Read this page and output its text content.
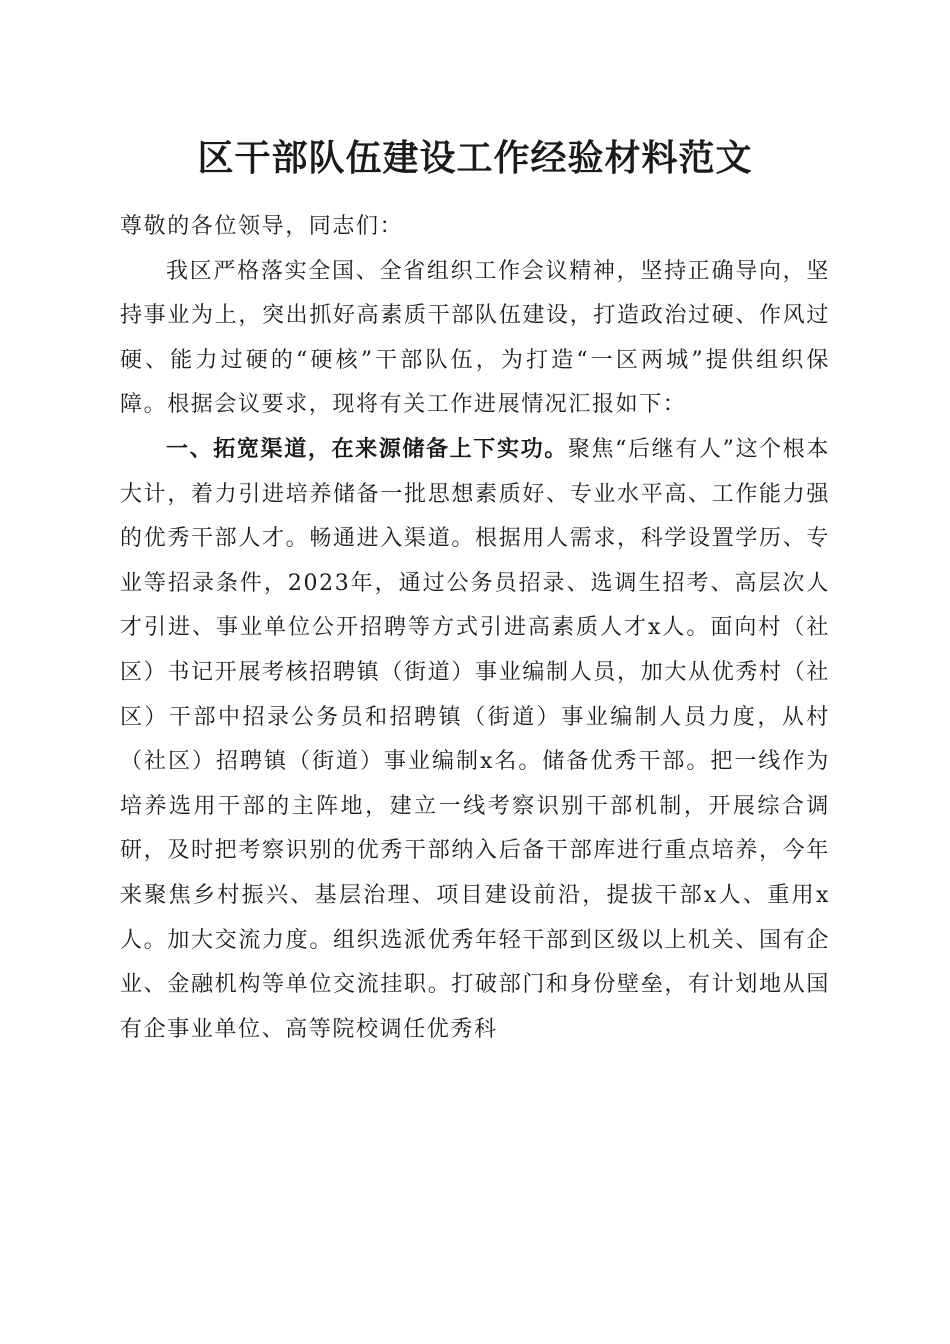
区干部队伍建设工作经验材料范文

尊敬的各位领导，同志们：

我区严格落实全国、全省组织工作会议精神，坚持正确导向，坚持事业为上，突出抓好高素质干部队伍建设，打造政治过硬、作风过硬、能力过硬的“硬核”干部队伍，为打造“一区两城”提供组织保障。根据会议要求，现将有关工作进展情况汇报如下：

一、拓宽渠道，在来源储备上下实功。聚焦“后继有人”这个根本大计，着力引进培养储备一批思想素质好、专业水平高、工作能力强的优秀干部人才。畅通进入渠道。根据用人需求，科学设置学历、专业等招录条件，2023年，通过公务员招录、选调生招考、高层次人才引进、事业单位公开招聘等方式引进高素质人才x人。面向村（社区）书记开展考核招聘镇（街道）事业编制人员，加大从优秀村（社区）干部中招录公务员和招聘镇（街道）事业编制人员力度，从村（社区）招聘镇（街道）事业编制x名。储备优秀干部。把一线作为培养选用干部的主阵地，建立一线考察识别干部机制，开展综合调研，及时把考察识别的优秀干部纳入后备干部库进行重点培养，今年来聚焦乡村振兴、基层治理、项目建设前沿，提拔干部x人、重用x人。加大交流力度。组织选派优秀年轻干部到区级以上机关、国有企业、金融机构等单位交流挂职。打破部门和身份壁垒，有计划地从国有企事业单位、高等院校调任优秀科
